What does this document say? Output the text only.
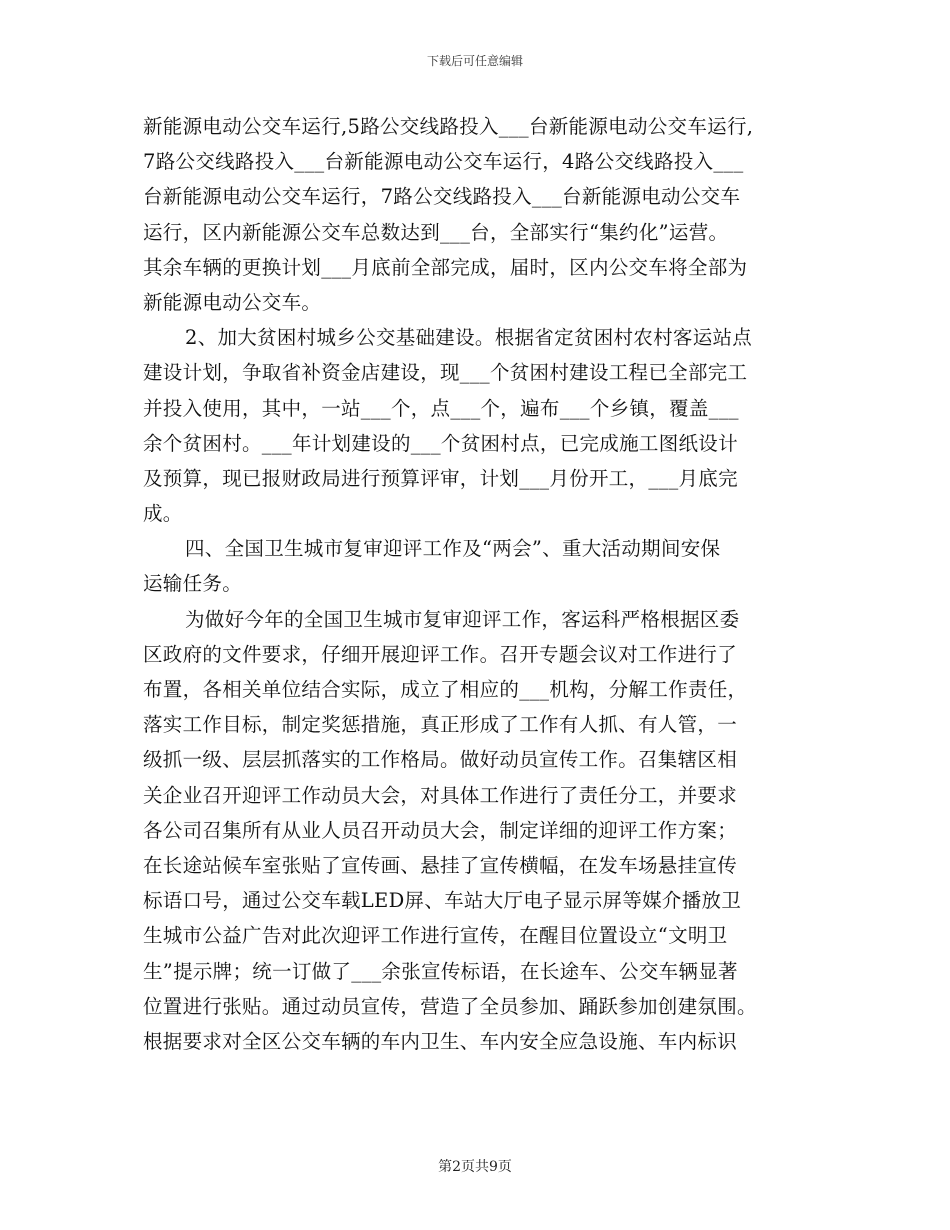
下载后可任意编辑
新能源电动公交车运行,5路公交线路投入___台新能源电动公交车运行,
7路公交线路投入___台新能源电动公交车运行，4路公交线路投入___
台新能源电动公交车运行，7路公交线路投入___台新能源电动公交车
运行，区内新能源公交车总数达到___台，全部实行“集约化”运营。
其余车辆的更换计划___月底前全部完成，届时，区内公交车将全部为
新能源电动公交车。
2、加大贫困村城乡公交基础建设。根据省定贫困村农村客运站点
建设计划，争取省补资金店建设，现___个贫困村建设工程已全部完工
并投入使用，其中，一站___个，点___个，遍布___个乡镇，覆盖___
余个贫困村。___年计划建设的___个贫困村点，已完成施工图纸设计
及预算，现已报财政局进行预算评审，计划___月份开工，___月底完
成。
四、全国卫生城市复审迎评工作及“两会”、重大活动期间安保
运输任务。
为做好今年的全国卫生城市复审迎评工作，客运科严格根据区委
区政府的文件要求，仔细开展迎评工作。召开专题会议对工作进行了
布置，各相关单位结合实际，成立了相应的___机构，分解工作责任，
落实工作目标，制定奖惩措施，真正形成了工作有人抓、有人管，一
级抓一级、层层抓落实的工作格局。做好动员宣传工作。召集辖区相
关企业召开迎评工作动员大会，对具体工作进行了责任分工，并要求
各公司召集所有从业人员召开动员大会，制定详细的迎评工作方案；
在长途站候车室张贴了宣传画、悬挂了宣传横幅，在发车场悬挂宣传
标语口号，通过公交车载LED屏、车站大厅电子显示屏等媒介播放卫
生城市公益广告对此次迎评工作进行宣传，在醒目位置设立“文明卫
生”提示牌；统一订做了___余张宣传标语，在长途车、公交车辆显著
位置进行张贴。通过动员宣传，营造了全员参加、踊跃参加创建氛围。
根据要求对全区公交车辆的车内卫生、车内安全应急设施、车内标识
第2页共9页
